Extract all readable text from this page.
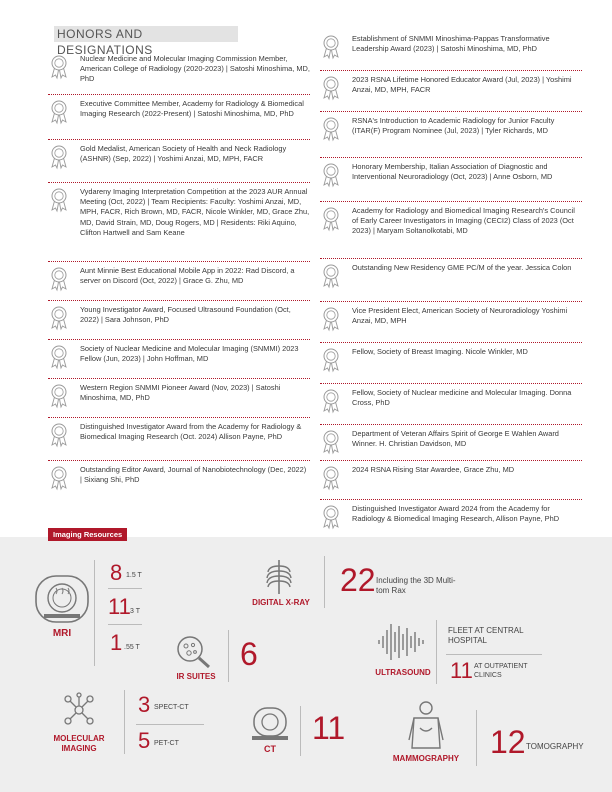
HONORS AND DESIGNATIONS
Nuclear Medicine and Molecular Imaging Commission Member, American College of Radiology (2020-2023) | Satoshi Minoshima, MD, PhD
Executive Committee Member, Academy for Radiology & Biomedical Imaging Research (2022-Present) | Satoshi Minoshima, MD, PhD
Gold Medalist, American Society of Health and Neck Radiology (ASHNR) (Sep, 2022) | Yoshimi Anzai, MD, MPH, FACR
Vydareny Imaging Interpretation Competition at the 2023 AUR Annual Meeting (Oct, 2022) | Team Recipients: Faculty: Yoshimi Anzai, MD, MPH, FACR, Rich Brown, MD, FACR, Nicole Winkler, MD, Grace Zhu, MD, David Strain, MD, Doug Rogers, MD | Residents: Riki Aquino, Clifton Hartwell and Sam Keane
Aunt Minnie Best Educational Mobile App in 2022: Rad Discord, a server on Discord (Oct, 2022) | Grace G. Zhu, MD
Young Investigator Award, Focused Ultrasound Foundation (Oct, 2022) | Sara Johnson, PhD
Society of Nuclear Medicine and Molecular Imaging (SNMMI) 2023 Fellow (Jun, 2023) | John Hoffman, MD
Western Region SNMMI Pioneer Award (Nov, 2023) | Satoshi Minoshima, MD, PhD
Distinguished Investigator Award from the Academy for Radiology & Biomedical Imaging Research (Oct. 2024) Allison Payne, PhD
Outstanding Editor Award, Journal of Nanobiotechnology (Dec, 2022) | Sixiang Shi, PhD
Establishment of SNMMI Minoshima-Pappas Transformative Leadership Award (2023) | Satoshi Minoshima, MD, PhD
2023 RSNA Lifetime Honored Educator Award (Jul, 2023) | Yoshimi Anzai, MD, MPH, FACR
RSNA's Introduction to Academic Radiology for Junior Faculty (ITAR(F) Program Nominee (Jul, 2023) | Tyler Richards, MD
Honorary Membership, Italian Association of Diagnostic and Interventional Neuroradiology (Oct, 2023) | Anne Osborn, MD
Academy for Radiology and Biomedical Imaging Research's Council of Early Career Investigators in Imaging (CECI2) Class of 2023 (Oct 2023) | Maryam Soltanolkotabi, MD
Outstanding New Residency GME PC/M of the year. Jessica Colon
Vice President Elect, American Society of Neuroradiology Yoshimi Anzai, MD, MPH
Fellow, Society of Breast Imaging. Nicole Winkler, MD
Fellow, Society of Nuclear medicine and Molecular Imaging. Donna Cross, PhD
Department of Veteran Affairs Spirit of George E Wahlen Award Winner. H. Christian Davidson, MD
2024 RSNA Rising Star Awardee, Grace Zhu, MD
Distinguished Investigator Award 2024 from the Academy for Radiology & Biomedical Imaging Research, Allison Payne, PhD
Imaging Resources
MRI
8 1.5 T
11 3 T
1 .55 T
DIGITAL X-RAY
22 Including the 3D Multi-tom Rax
IR SUITES
6
ULTRASOUND
FLEET AT CENTRAL HOSPITAL
11 AT OUTPATIENT CLINICS
MOLECULAR IMAGING
3 SPECT-CT
5 PET-CT
CT
11
MAMMOGRAPHY 12 TOMOGRAPHY
